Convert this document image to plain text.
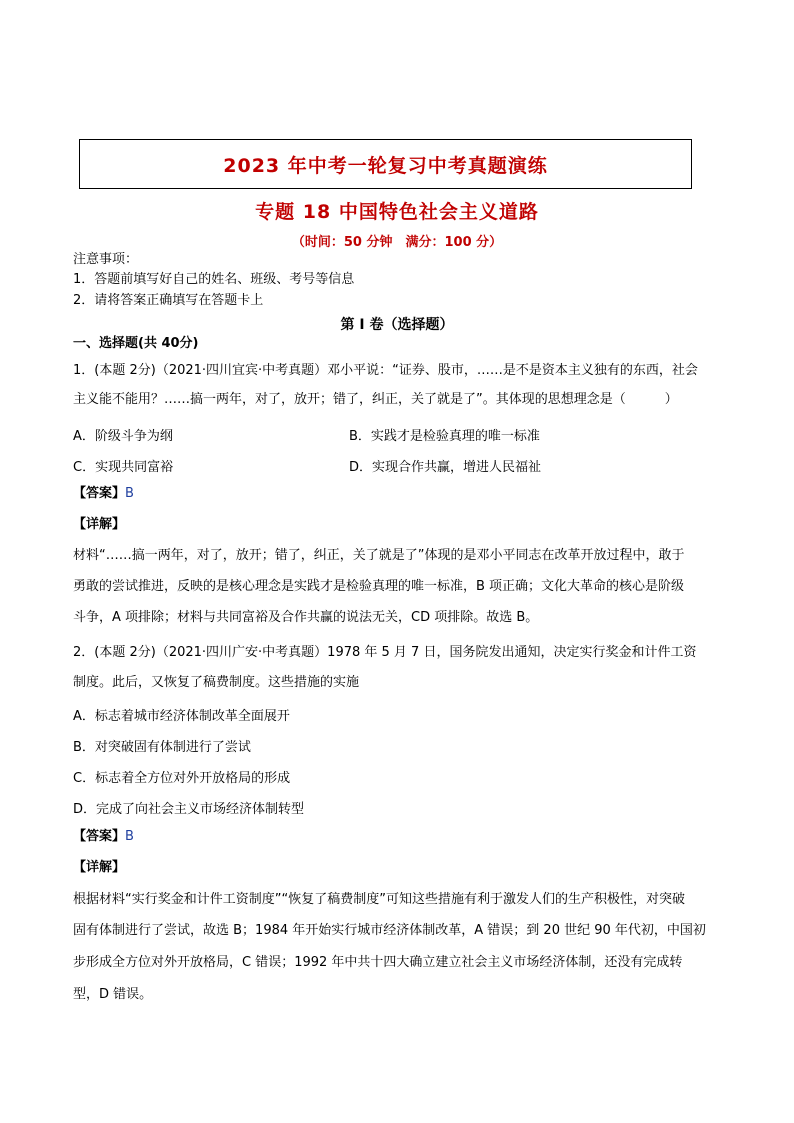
2023 年中考一轮复习中考真题演练
专题 18 中国特色社会主义道路
（时间：50 分钟　满分：100 分）
注意事项：
1．答题前填写好自己的姓名、班级、考号等信息
2．请将答案正确填写在答题卡上
第 I 卷（选择题）
一、选择题(共 40分)
1．(本题 2分)（2021·四川宜宾·中考真题）邓小平说：“证券、股市，……是不是资本主义独有的东西，社会
主义能不能用？……搞一两年，对了，放开；错了，纠正，关了就是了”。其体现的思想理念是（　　　）
A．阶级斗争为纲	B．实践才是检验真理的唯一标准
C．实现共同富裕	D．实现合作共赢，增进人民福祉
【答案】B
【详解】
材料“……搞一两年，对了，放开；错了，纠正，关了就是了”体现的是邓小平同志在改革开放过程中，敢于
勇敢的尝试推进，反映的是核心理念是实践才是检验真理的唯一标准，B 项正确；文化大革命的核心是阶级
斗争，A 项排除；材料与共同富裕及合作共赢的说法无关，CD 项排除。故选 B。
2．(本题 2分)（2021·四川广安·中考真题）1978 年 5 月 7 日，国务院发出通知，决定实行奖金和计件工资
制度。此后，又恢复了稿费制度。这些措施的实施
A．标志着城市经济体制改革全面展开
B．对突破固有体制进行了尝试
C．标志着全方位对外开放格局的形成
D．完成了向社会主义市场经济体制转型
【答案】B
【详解】
根据材料“实行奖金和计件工资制度”“恢复了稿费制度”可知这些措施有利于激发人们的生产积极性，对突破
固有体制进行了尝试，故选 B；1984 年开始实行城市经济体制改革，A 错误；到 20 世纪 90 年代初，中国初
步形成全方位对外开放格局，C 错误；1992 年中共十四大确立建立社会主义市场经济体制，还没有完成转
型，D 错误。
